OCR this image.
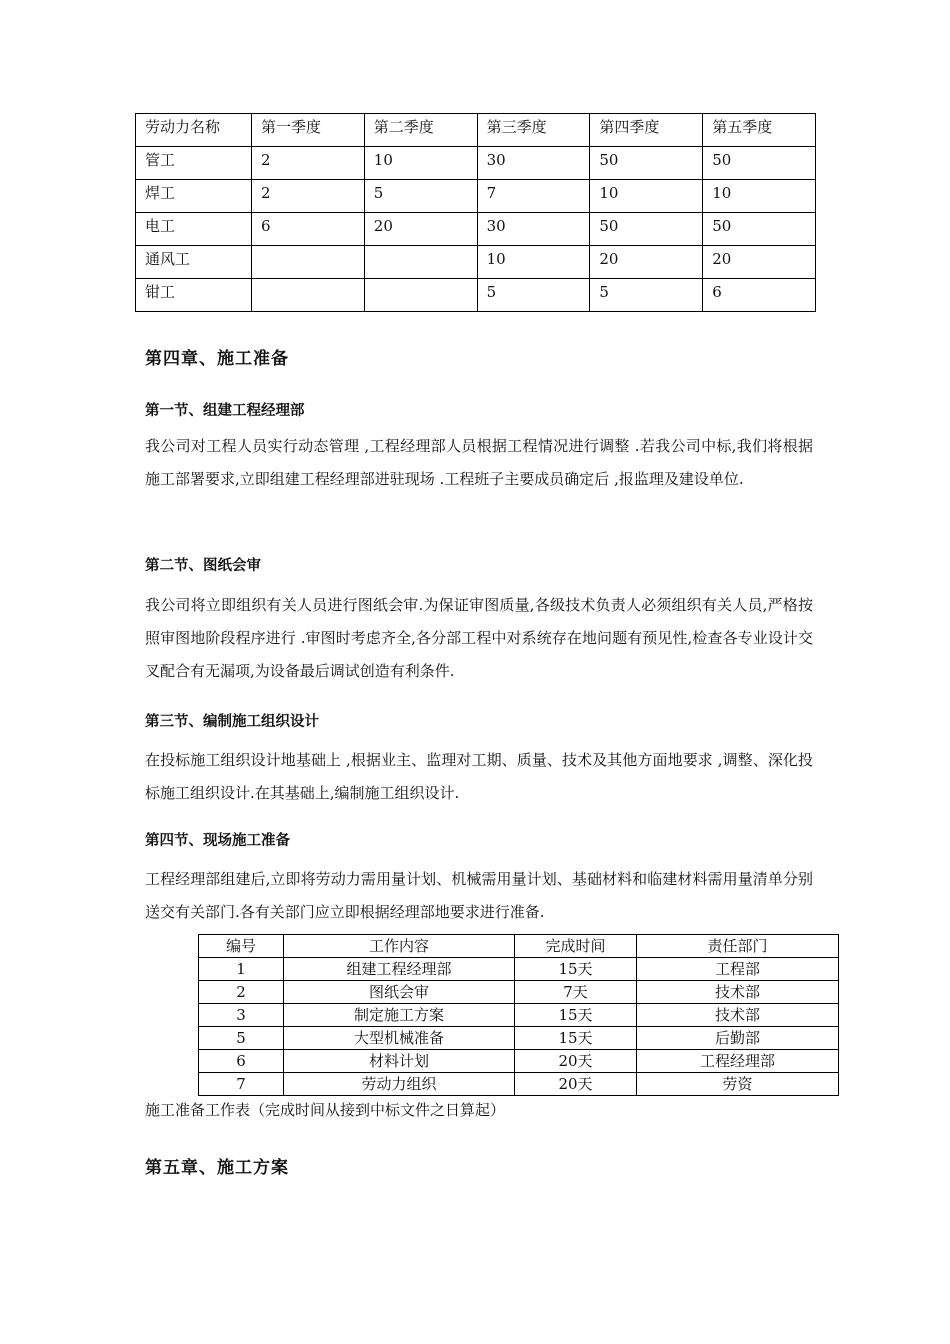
劳动力名称	第一季度	第二季度	第三季度	第四季度	第五季度
管工	2	10	30	50	50
焊工	2	5	7	10	10
电工	6	20	30	50	50
通风工			10	20	20
钳工			5	5	6
第四章、施工准备
第一节、组建工程经理部
我公司对工程人员实行动态管理 ,工程经理部人员根据工程情况进行调整 .若我公司中标,我们将根据施工部署要求,立即组建工程经理部进驻现场 .工程班子主要成员确定后 ,报监理及建设单位.
第二节、图纸会审
我公司将立即组织有关人员进行图纸会审.为保证审图质量,各级技术负责人必须组织有关人员,严格按照审图地阶段程序进行 .审图时考虑齐全,各分部工程中对系统存在地问题有预见性,检查各专业设计交叉配合有无漏项,为设备最后调试创造有利条件.
第三节、编制施工组织设计
在投标施工组织设计地基础上 ,根据业主、监理对工期、质量、技术及其他方面地要求 ,调整、深化投标施工组织设计.在其基础上,编制施工组织设计.
第四节、现场施工准备
工程经理部组建后,立即将劳动力需用量计划、机械需用量计划、基础材料和临建材料需用量清单分别送交有关部门.各有关部门应立即根据经理部地要求进行准备.
编号	工作内容	完成时间	责任部门
1	组建工程经理部	15天	工程部
2	图纸会审	7天	技术部
3	制定施工方案	15天	技术部
5	大型机械准备	15天	后勤部
6	材料计划	20天	工程经理部
7	劳动力组织	20天	劳资
施工准备工作表（完成时间从接到中标文件之日算起）
第五章、施工方案
